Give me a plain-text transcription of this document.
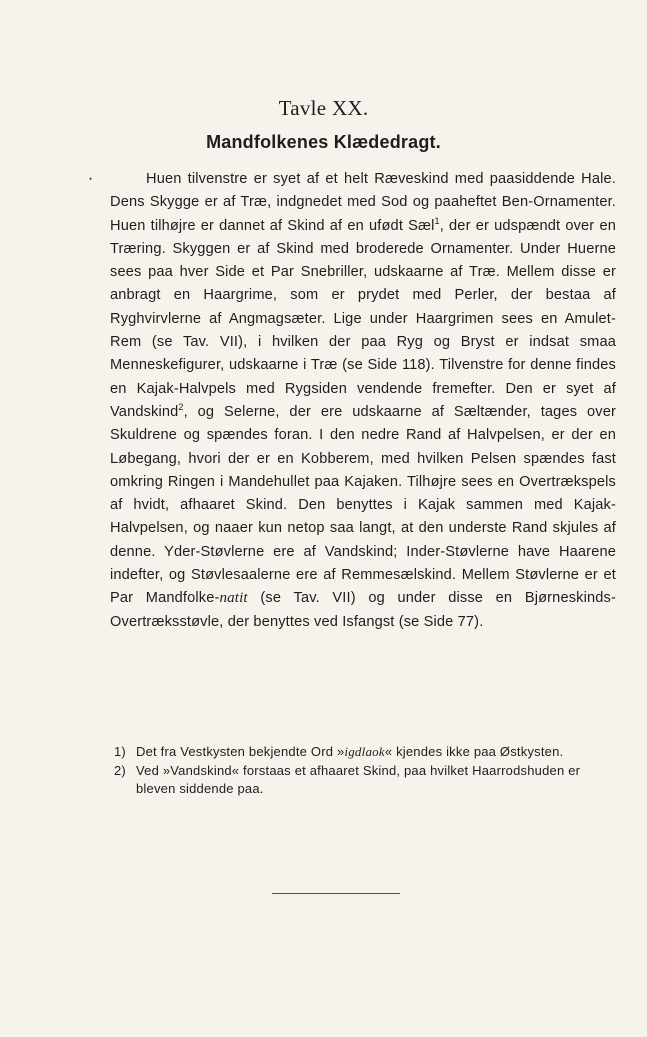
Tavle XX.
Mandfolkenes Klædedragt.
•	Huen tilvenstre er syet af et helt Ræveskind med paasiddende Hale. Dens Skygge er af Træ, indgnedet med Sod og paaheftet Ben-Ornamenter. Huen tilhøjre er dannet af Skind af en ufødt Sæl$^1$, der er udspændt over en Træring. Skyggen er af Skind med broderede Ornamenter. Under Huerne sees paa hver Side et Par Snebriller, udskaarne af Træ. Mellem disse er anbragt en Haargrime, som er prydet med Perler, der bestaa af Ryghvirvlerne af Angmagsæter. Lige under Haargrimen sees en Amulet-Rem (se Tav. VII), i hvilken der paa Ryg og Bryst er indsat smaa Menneskefigurer, udskaarne i Træ (se Side 118). Tilvenstre for denne findes en Kajak-Halvpels med Rygsiden vendende fremefter. Den er syet af Vandskind$^2$, og Selerne, der ere udskaarne af Sæltænder, tages over Skuldrene og spændes foran. I den nedre Rand af Halvpelsen, er der en Løbegang, hvori der er en Kobberem, med hvilken Pelsen spændes fast omkring Ringen i Mandehullet paa Kajaken. Tilhøjre sees en Overtrækspels af hvidt, afhaaret Skind. Den benyttes i Kajak sammen med Kajak-Halvpelsen, og naaer kun netop saa langt, at den underste Rand skjules af denne. Yder-Støvlerne ere af Vandskind; Inder-Støvlerne have Haarene indefter, og Støvlesaalerne ere af Remmesælskind. Mellem Støvlerne er et Par Mandfolke-natit (se Tav. VII) og under disse en Bjørneskinds-Overtræksstøvle, der benyttes ved Isfangst (se Side 77).

1) Det fra Vestkysten bekjendte Ord »igdlaok« kjendes ikke paa Østkysten.
2) Ved »Vandskind« forstaas et afhaaret Skind, paa hvilket Haarrodshuden er bleven siddende paa.
